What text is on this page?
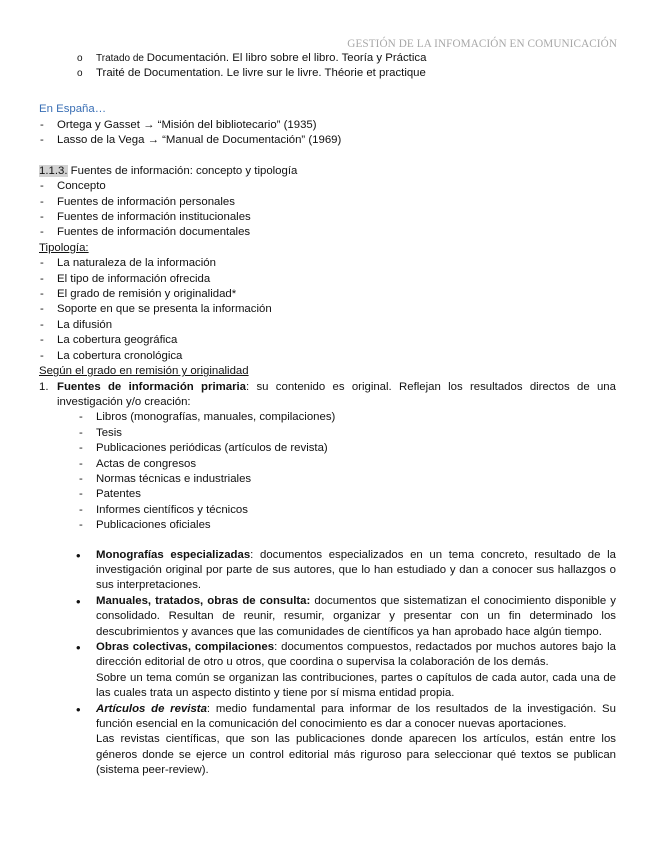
GESTIÓN DE LA INFOMACIÓN EN COMUNICACIÓN
o Tratado de Documentación. El libro sobre el libro. Teoría y Práctica
o Traité de Documentation. Le livre sur le livre. Théorie et practique
En España…
- Ortega y Gasset → “Misión del bibliotecario” (1935)
- Lasso de la Vega → “Manual de Documentación” (1969)
1.1.3. Fuentes de información: concepto y tipología
- Concepto
- Fuentes de información personales
- Fuentes de información institucionales
- Fuentes de información documentales
Tipología:
- La naturaleza de la información
- El tipo de información ofrecida
- El grado de remisión y originalidad*
- Soporte en que se presenta la información
- La difusión
- La cobertura geográfica
- La cobertura cronológica
Según el grado en remisión y originalidad
1. Fuentes de información primaria: su contenido es original. Reflejan los resultados directos de una investigación y/o creación:
- Libros (monografías, manuales, compilaciones)
- Tesis
- Publicaciones periódicas (artículos de revista)
- Actas de congresos
- Normas técnicas e industriales
- Patentes
- Informes científicos y técnicos
- Publicaciones oficiales
• Monografías especializadas: documentos especializados en un tema concreto, resultado de la investigación original por parte de sus autores, que lo han estudiado y dan a conocer sus hallazgos o sus interpretaciones.
• Manuales, tratados, obras de consulta: documentos que sistematizan el conocimiento disponible y consolidado. Resultan de reunir, resumir, organizar y presentar con un fin determinado los descubrimientos y avances que las comunidades de científicos ya han aprobado hace algún tiempo.
• Obras colectivas, compilaciones: documentos compuestos, redactados por muchos autores bajo la dirección editorial de otro u otros, que coordina o supervisa la colaboración de los demás.
Sobre un tema común se organizan las contribuciones, partes o capítulos de cada autor, cada una de las cuales trata un aspecto distinto y tiene por sí misma entidad propia.
• Artículos de revista: medio fundamental para informar de los resultados de la investigación. Su función esencial en la comunicación del conocimiento es dar a conocer nuevas aportaciones.
Las revistas científicas, que son las publicaciones donde aparecen los artículos, están entre los géneros donde se ejerce un control editorial más riguroso para seleccionar qué textos se publican (sistema peer-review).
